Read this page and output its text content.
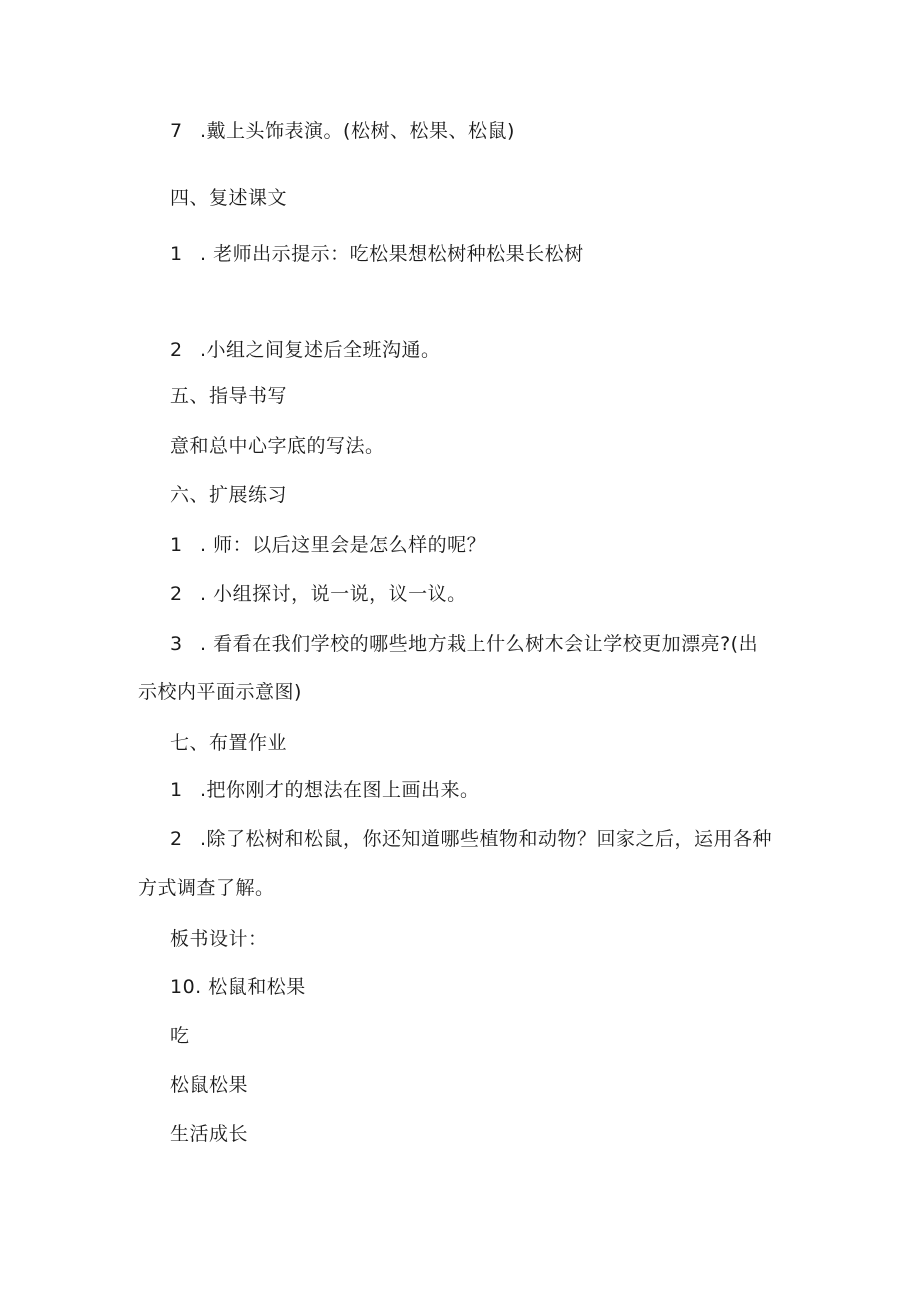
7 .戴上头饰表演。(松树、松果、松鼠)
四、复述课文
1 . 老师出示提示：吃松果想松树种松果长松树
2 .小组之间复述后全班沟通。
五、指导书写
意和总中心字底的写法。
六、扩展练习
1 . 师：以后这里会是怎么样的呢？
2 . 小组探讨，说一说，议一议。
3 . 看看在我们学校的哪些地方栽上什么树木会让学校更加漂亮?(出
示校内平面示意图)
七、布置作业
1 .把你刚才的想法在图上画出来。
2 .除了松树和松鼠，你还知道哪些植物和动物？回家之后，运用各种
方式调查了解。
板书设计：
10. 松鼠和松果
吃
松鼠松果
生活成长
